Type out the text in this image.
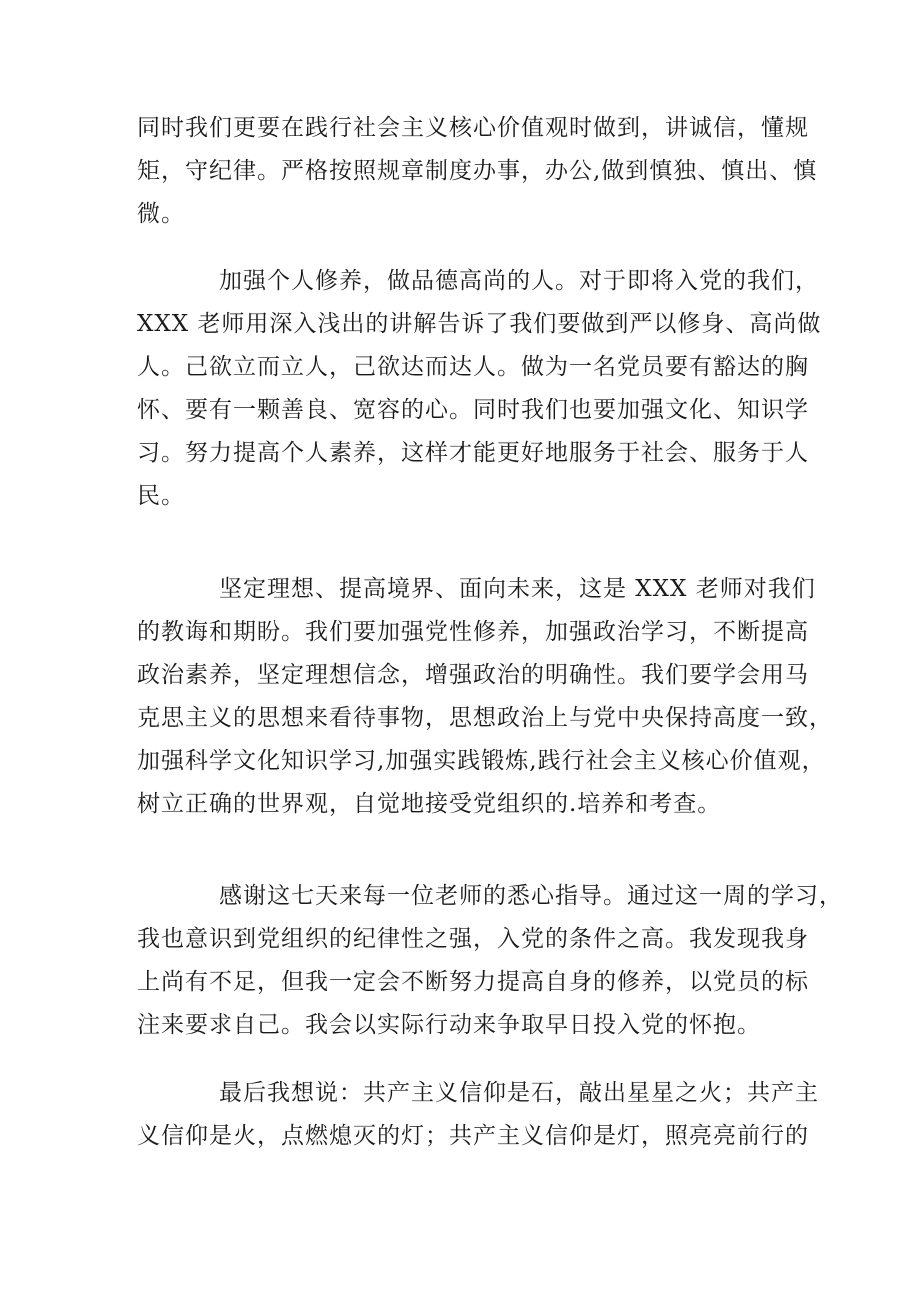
同时我们更要在践行社会主义核心价值观时做到，讲诚信，懂规
矩，守纪律。严格按照规章制度办事，办公,做到慎独、慎出、慎
微。
加强个人修养，做品德高尚的人。对于即将入党的我们，
XXX 老师用深入浅出的讲解告诉了我们要做到严以修身、高尚做
人。己欲立而立人，己欲达而达人。做为一名党员要有豁达的胸
怀、要有一颗善良、宽容的心。同时我们也要加强文化、知识学
习。努力提高个人素养，这样才能更好地服务于社会、服务于人
民。
坚定理想、提高境界、面向未来，这是 XXX 老师对我们
的教诲和期盼。我们要加强党性修养，加强政治学习，不断提高
政治素养，坚定理想信念，增强政治的明确性。我们要学会用马
克思主义的思想来看待事物，思想政治上与党中央保持高度一致，
加强科学文化知识学习,加强实践锻炼,践行社会主义核心价值观，
树立正确的世界观，自觉地接受党组织的.培养和考查。
感谢这七天来每一位老师的悉心指导。通过这一周的学习，
我也意识到党组织的纪律性之强，入党的条件之高。我发现我身
上尚有不足，但我一定会不断努力提高自身的修养，以党员的标
注来要求自己。我会以实际行动来争取早日投入党的怀抱。
最后我想说：共产主义信仰是石，敲出星星之火；共产主
义信仰是火，点燃熄灭的灯；共产主义信仰是灯，照亮亮前行的
